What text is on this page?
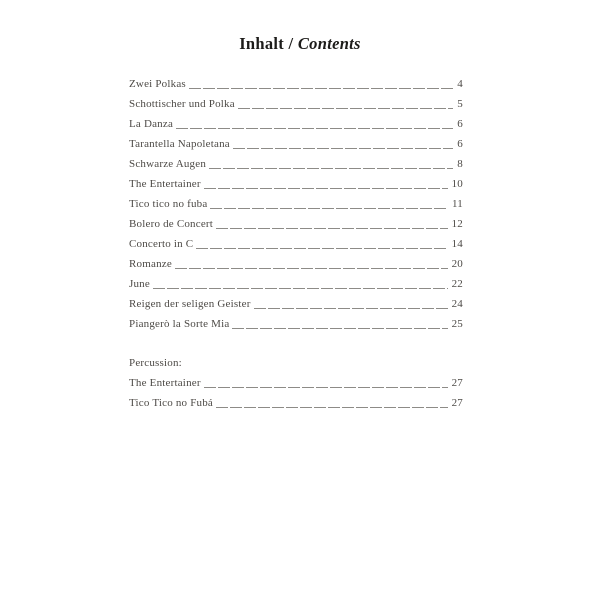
Inhalt / Contents
Zwei Polkas	4
Schottischer und Polka	5
La Danza	6
Tarantella Napoletana	6
Schwarze Augen	8
The Entertainer	10
Tico tico no fuba	11
Bolero de Concert	12
Concerto in C	14
Romanze	20
June	22
Reigen der seligen Geister	24
Piangerò la Sorte Mia	25
Percussion:
The Entertainer	27
Tico Tico no Fubá	27
